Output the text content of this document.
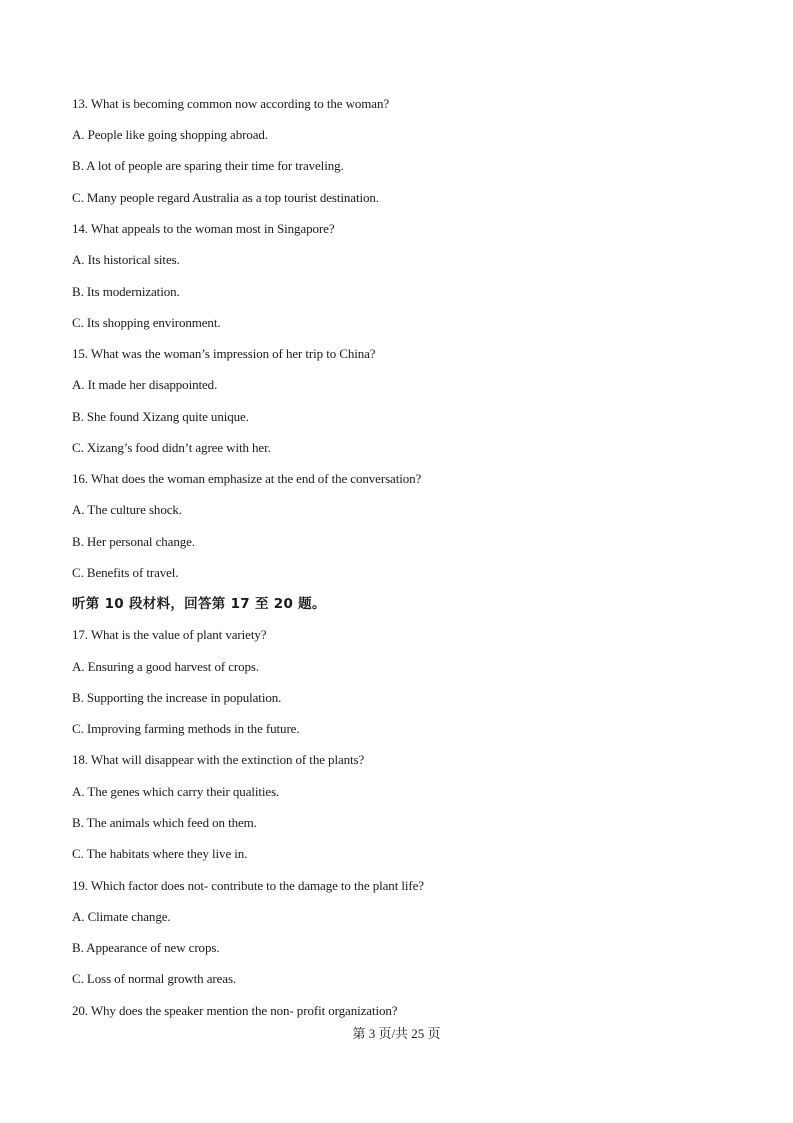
13. What is becoming common now according to the woman?
A. People like going shopping abroad.
B. A lot of people are sparing their time for traveling.
C. Many people regard Australia as a top tourist destination.
14. What appeals to the woman most in Singapore?
A. Its historical sites.
B. Its modernization.
C. Its shopping environment.
15. What was the woman’s impression of her trip to China?
A. It made her disappointed.
B. She found Xizang quite unique.
C. Xizang’s food didn’t agree with her.
16. What does the woman emphasize at the end of the conversation?
A. The culture shock.
B. Her personal change.
C. Benefits of travel.
听第 10 段材料，回答第 17 至 20 题。
17. What is the value of plant variety?
A. Ensuring a good harvest of crops.
B. Supporting the increase in population.
C. Improving farming methods in the future.
18. What will disappear with the extinction of the plants?
A. The genes which carry their qualities.
B. The animals which feed on them.
C. The habitats where they live in.
19. Which factor does not- contribute to the damage to the plant life?
A. Climate change.
B. Appearance of new crops.
C. Loss of normal growth areas.
20. Why does the speaker mention the non- profit organization?
第 3 页/共 25 页
